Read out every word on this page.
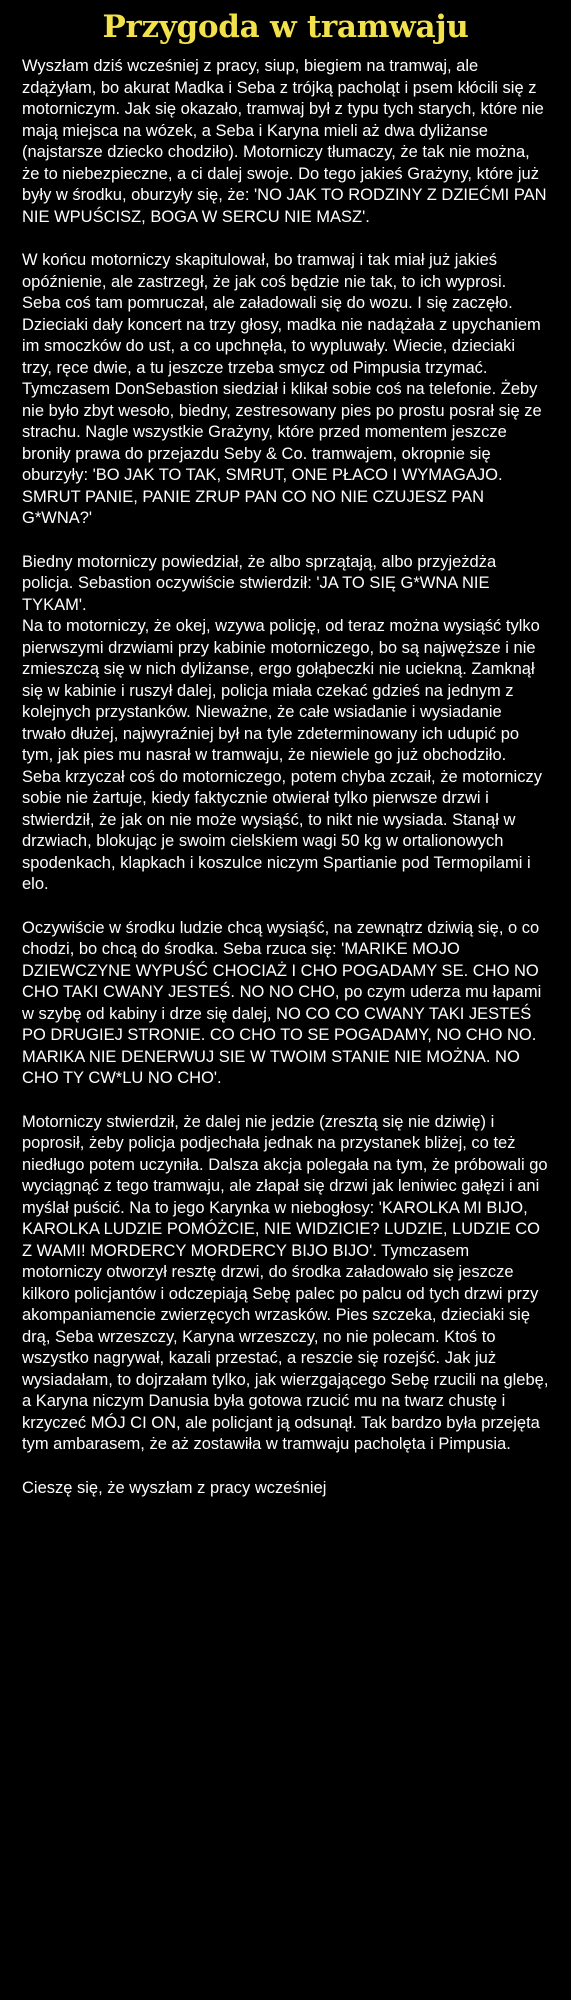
Przygoda w tramwaju

Wyszłam dziś wcześniej z pracy, siup, biegiem na tramwaj, ale zdążyłam, bo akurat Madka i Seba z trójką pacholąt i psem kłócili się z motorniczym. Jak się okazało, tramwaj był z typu tych starych, które nie mają miejsca na wózek, a Seba i Karyna mieli aż dwa dyliżanse (najstarsze dziecko chodziło). Motorniczy tłumaczy, że tak nie można, że to niebezpieczne, a ci dalej swoje. Do tego jakieś Grażyny, które już były w środku, oburzyły się, że: 'NO JAK TO RODZINY Z DZIEĆMI PAN NIE WPUŚCISZ, BOGA W SERCU NIE MASZ'.

W końcu motorniczy skapitulował, bo tramwaj i tak miał już jakieś opóźnienie, ale zastrzegł, że jak coś będzie nie tak, to ich wyprosi. Seba coś tam pomruczał, ale załadowali się do wozu. I się zaczęło. Dzieciaki dały koncert na trzy głosy, madka nie nadążała z upychaniem im smoczków do ust, a co upchnęła, to wypluwały. Wiecie, dzieciaki trzy, ręce dwie, a tu jeszcze trzeba smycz od Pimpusia trzymać. Tymczasem DonSebastion siedział i klikał sobie coś na telefonie. Żeby nie było zbyt wesoło, biedny, zestresowany pies po prostu posrał się ze strachu. Nagle wszystkie Grażyny, które przed momentem jeszcze broniły prawa do przejazdu Seby & Co. tramwajem, okropnie się oburzyły: 'BO JAK TO TAK, SMRUT, ONE PŁACO I WYMAGAJO. SMRUT PANIE, PANIE ZRUP PAN CO NO NIE CZUJESZ PAN G*WNA?'

Biedny motorniczy powiedział, że albo sprzątają, albo przyjeżdża policja. Sebastion oczywiście stwierdził: 'JA TO SIĘ G*WNA NIE TYKAM'.
Na to motorniczy, że okej, wzywa policję, od teraz można wysiąść tylko pierwszymi drzwiami przy kabinie motorniczego, bo są najwęższe i nie zmieszczą się w nich dyliżanse, ergo gołąbeczki nie uciekną. Zamknął się w kabinie i ruszył dalej, policja miała czekać gdzieś na jednym z kolejnych przystanków. Nieważne, że całe wsiadanie i wysiadanie trwało dłużej, najwyraźniej był na tyle zdeterminowany ich udupić po tym, jak pies mu nasrał w tramwaju, że niewiele go już obchodziło. Seba krzyczał coś do motorniczego, potem chyba zczaił, że motorniczy sobie nie żartuje, kiedy faktycznie otwierał tylko pierwsze drzwi i stwierdził, że jak on nie może wysiąść, to nikt nie wysiada. Stanął w drzwiach, blokując je swoim cielskiem wagi 50 kg w ortalionowych spodenkach, klapkach i koszulce niczym Spartianie pod Termopilami i elo.

Oczywiście w środku ludzie chcą wysiąść, na zewnątrz dziwią się, o co chodzi, bo chcą do środka. Seba rzuca się: 'MARIKE MOJO DZIEWCZYNE WYPUŚĆ CHOCIAŻ I CHO POGADAMY SE. CHO NO CHO TAKI CWANY JESTEŚ. NO NO CHO, po czym uderza mu łapami w szybę od kabiny i drze się dalej, NO CO CO CWANY TAKI JESTEŚ PO DRUGIEJ STRONIE. CO CHO TO SE POGADAMY, NO CHO NO. MARIKA NIE DENERWUJ SIE W TWOIM STANIE NIE MOŻNA. NO CHO TY CW*LU NO CHO'.

Motorniczy stwierdził, że dalej nie jedzie (zresztą się nie dziwię) i poprosił, żeby policja podjechała jednak na przystanek bliżej, co też niedługo potem uczyniła. Dalsza akcja polegała na tym, że próbowali go wyciągnąć z tego tramwaju, ale złapał się drzwi jak leniwiec gałęzi i ani myślał puścić. Na to jego Karynka w niebogłosy: 'KAROLKA MI BIJO, KAROLKA LUDZIE POMÓŻCIE, NIE WIDZICIE? LUDZIE, LUDZIE CO Z WAMI! MORDERCY MORDERCY BIJO BIJO'. Tymczasem motorniczy otworzył resztę drzwi, do środka załadowało się jeszcze kilkoro policjantów i odczepiają Sebę palec po palcu od tych drzwi przy akompaniamencie zwierzęcych wrzasków. Pies szczeka, dzieciaki się drą, Seba wrzeszczy, Karyna wrzeszczy, no nie polecam. Ktoś to wszystko nagrywał, kazali przestać, a reszcie się rozejść. Jak już wysiadałam, to dojrzałam tylko, jak wierzgającego Sebę rzucili na glebę, a Karyna niczym Danusia była gotowa rzucić mu na twarz chustę i krzyczeć MÓJ CI ON, ale policjant ją odsunął. Tak bardzo była przejęta tym ambarasem, że aż zostawiła w tramwaju pacholęta i Pimpusia.

Cieszę się, że wyszłam z pracy wcześniej
